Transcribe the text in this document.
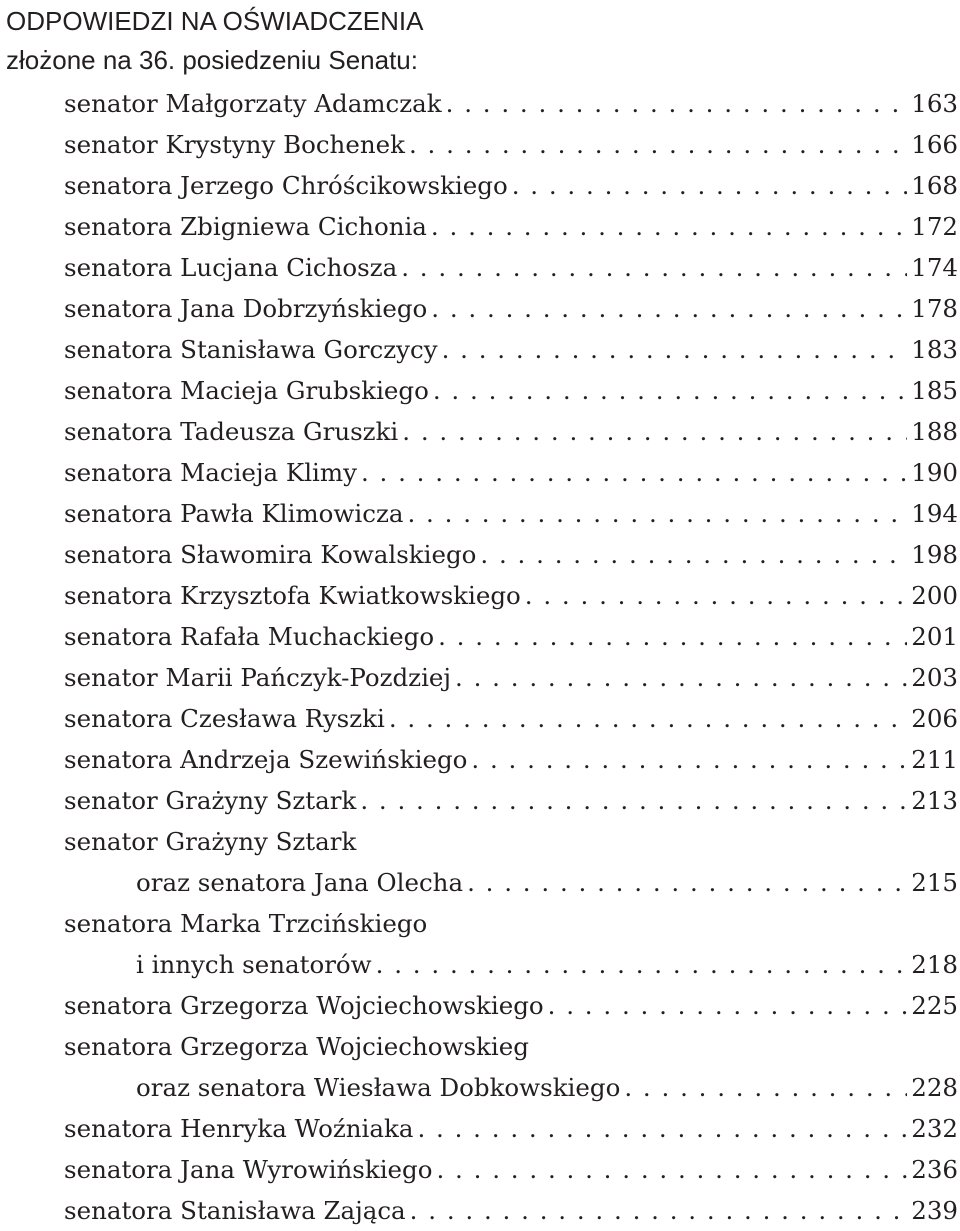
ODPOWIEDZI NA OŚWIADCZENIA
złożone na 36. posiedzeniu Senatu:
senator Małgorzaty Adamczak . . .	163
senator Krystyny Bochenek . . .	166
senatora Jerzego Chróścikowskiego . . .	168
senatora Zbigniewa Cichonia . . .	172
senatora Lucjana Cichosza . . .	174
senatora Jana Dobrzyńskiego . . .	178
senatora Stanisława Gorczycy . . .	183
senatora Macieja Grubskiego . . .	185
senatora Tadeusza Gruszki . . .	188
senatora Macieja Klimy . . .	190
senatora Pawła Klimowicza . . .	194
senatora Sławomira Kowalskiego . . .	198
senatora Krzysztofa Kwiatkowskiego . . .	200
senatora Rafała Muchackiego . . .	201
senator Marii Pańczyk-Pozdziej . . .	203
senatora Czesława Ryszki . . .	206
senatora Andrzeja Szewińskiego . . .	211
senator Grażyny Sztark . . .	213
senator Grażyny Sztark
oraz senatora Jana Olecha . . .	215
senatora Marka Trzcińskiego
i innych senatorów . . .	218
senatora Grzegorza Wojciechowskiego . . .	225
senatora Grzegorza Wojciechowskieg
oraz senatora Wiesława Dobkowskiego . . .	228
senatora Henryka Woźniaka . . .	232
senatora Jana Wyrowińskiego . . .	236
senatora Stanisława Zająca . . .	239
